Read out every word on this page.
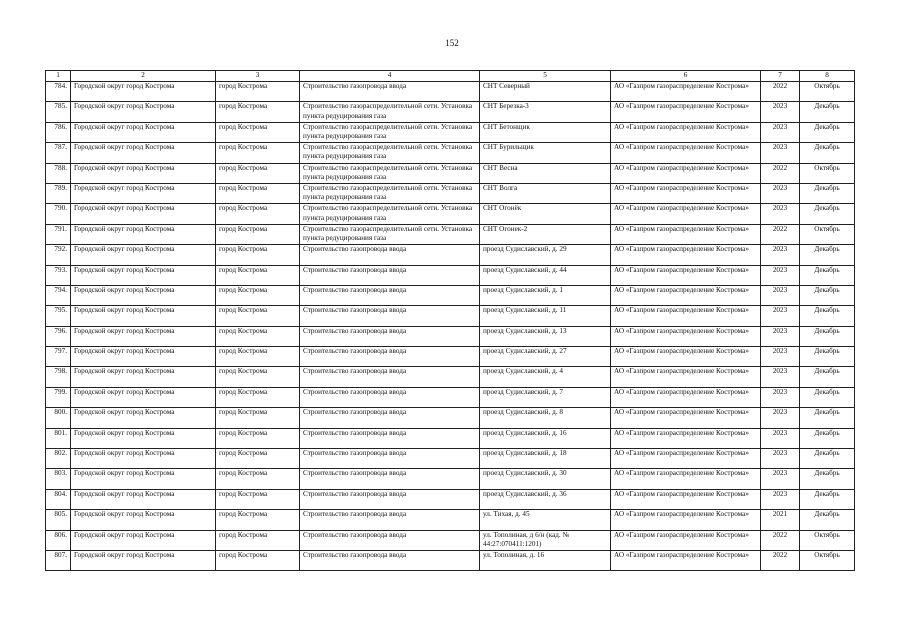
152
1	2	3	4	5	6	7	8
784.	Городской округ город Кострома	город Кострома	Строительство газопровода ввода	СНТ Северный	АО «Газпром газораспределение Кострома»	2022	Октябрь
785.	Городской округ город Кострома	город Кострома	Строительство газораспределительной сети. Установка пункта редуцирования газа	СНТ Березка-3	АО «Газпром газораспределение Кострома»	2023	Декабрь
786.	Городской округ город Кострома	город Кострома	Строительство газораспределительной сети. Установка пункта редуцирования газа	СНТ Бетонщик	АО «Газпром газораспределение Кострома»	2023	Декабрь
787.	Городской округ город Кострома	город Кострома	Строительство газораспределительной сети. Установка пункта редуцирования газа	СНТ Бурильщик	АО «Газпром газораспределение Кострома»	2023	Декабрь
788.	Городской округ город Кострома	город Кострома	Строительство газораспределительной сети. Установка пункта редуцирования газа	СНТ Весна	АО «Газпром газораспределение Кострома»	2022	Октябрь
789.	Городской округ город Кострома	город Кострома	Строительство газораспределительной сети. Установка пункта редуцирования газа	СНТ Волга	АО «Газпром газораспределение Кострома»	2023	Декабрь
790.	Городской округ город Кострома	город Кострома	Строительство газораспределительной сети. Установка пункта редуцирования газа	СНТ Огонёк	АО «Газпром газораспределение Кострома»	2023	Декабрь
791.	Городской округ город Кострома	город Кострома	Строительство газораспределительной сети. Установка пункта редуцирования газа	СНТ Огонек-2	АО «Газпром газораспределение Кострома»	2022	Октябрь
792.	Городской округ город Кострома	город Кострома	Строительство газопровода ввода	проезд Судиславский, д. 29	АО «Газпром газораспределение Кострома»	2023	Декабрь
793.	Городской округ город Кострома	город Кострома	Строительство газопровода ввода	проезд Судиславский, д. 44	АО «Газпром газораспределение Кострома»	2023	Декабрь
794.	Городской округ город Кострома	город Кострома	Строительство газопровода ввода	проезд Судиславский, д. 1	АО «Газпром газораспределение Кострома»	2023	Декабрь
795.	Городской округ город Кострома	город Кострома	Строительство газопровода ввода	проезд Судиславский, д. 11	АО «Газпром газораспределение Кострома»	2023	Декабрь
796.	Городской округ город Кострома	город Кострома	Строительство газопровода ввода	проезд Судиславский, д. 13	АО «Газпром газораспределение Кострома»	2023	Декабрь
797.	Городской округ город Кострома	город Кострома	Строительство газопровода ввода	проезд Судиславский, д. 27	АО «Газпром газораспределение Кострома»	2023	Декабрь
798.	Городской округ город Кострома	город Кострома	Строительство газопровода ввода	проезд Судиславский, д. 4	АО «Газпром газораспределение Кострома»	2023	Декабрь
799.	Городской округ город Кострома	город Кострома	Строительство газопровода ввода	проезд Судиславский, д. 7	АО «Газпром газораспределение Кострома»	2023	Декабрь
800.	Городской округ город Кострома	город Кострома	Строительство газопровода ввода	проезд Судиславский, д. 8	АО «Газпром газораспределение Кострома»	2023	Декабрь
801.	Городской округ город Кострома	город Кострома	Строительство газопровода ввода	проезд Судиславский, д. 16	АО «Газпром газораспределение Кострома»	2023	Декабрь
802.	Городской округ город Кострома	город Кострома	Строительство газопровода ввода	проезд Судиславский, д. 18	АО «Газпром газораспределение Кострома»	2023	Декабрь
803.	Городской округ город Кострома	город Кострома	Строительство газопровода ввода	проезд Судиславский, д. 30	АО «Газпром газораспределение Кострома»	2023	Декабрь
804.	Городской округ город Кострома	город Кострома	Строительство газопровода ввода	проезд Судиславский, д. 36	АО «Газпром газораспределение Кострома»	2023	Декабрь
805.	Городской округ город Кострома	город Кострома	Строительство газопровода ввода	ул. Тихая, д. 45	АО «Газпром газораспределение Кострома»	2021	Декабрь
806.	Городской округ город Кострома	город Кострома	Строительство газопровода ввода	ул. Тополиная, д 6/н (кад. № 44:27:070411:1201)	АО «Газпром газораспределение Кострома»	2022	Октябрь
807.	Городской округ город Кострома	город Кострома	Строительство газопровода ввода	ул. Тополиная, д. 16	АО «Газпром газораспределение Кострома»	2022	Октябрь
